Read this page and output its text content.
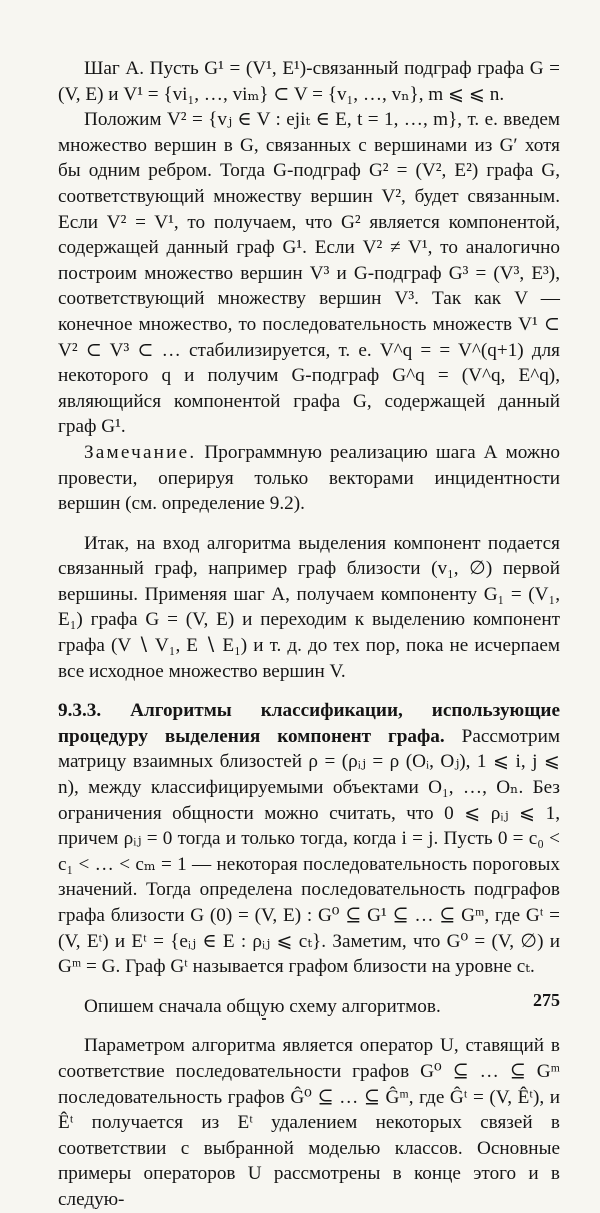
Шаг А. Пусть G¹ = (V¹, E¹)-связанный подграф графа G = (V, E) и V¹ = {vi₁, …, viₘ} ⊂ V = {v₁, …, vₙ}, m ⩽ ⩽ n.

Положим V² = {vⱼ ∈ V : ejiₜ ∈ E, t = 1, …, m}, т. е. введем множество вершин в G, связанных с вершинами из G′ хотя бы одним ребром. Тогда G-подграф G² = (V², E²) графа G, соответствующий множеству вершин V², будет связанным. Если V² = V¹, то получаем, что G² является компонентой, содержащей данный граф G¹. Если V² ≠ V¹, то аналогично построим множество вершин V³ и G-подграф G³ = (V³, E³), соответствующий множеству вершин V³. Так как V — конечное множество, то последовательность множеств V¹ ⊂ V² ⊂ V³ ⊂ … стабилизируется, т. е. V^q = = V^(q+1) для некоторого q и получим G-подграф G^q = (V^q, E^q), являющийся компонентой графа G, содержащей данный граф G¹.

Замечание. Программную реализацию шага А можно провести, оперируя только векторами инцидентности вершин (см. определение 9.2).

Итак, на вход алгоритма выделения компонент подается связанный граф, например граф близости (v₁, ∅) первой вершины. Применяя шаг А, получаем компоненту G₁ = (V₁, E₁) графа G = (V, E) и переходим к выделению компонент графа (V ∖ V₁, E ∖ E₁) и т. д. до тех пор, пока не исчерпаем все исходное множество вершин V.

9.3.3. Алгоритмы классификации, использующие процедуру выделения компонент графа. Рассмотрим матрицу взаимных близостей ρ = (ρᵢⱼ = ρ (Oᵢ, Oⱼ), 1 ⩽ i, j ⩽ n), между классифицируемыми объектами O₁, …, Oₙ. Без ограничения общности можно считать, что 0 ⩽ ρᵢⱼ ⩽ 1, причем ρᵢⱼ = 0 тогда и только тогда, когда i = j. Пусть 0 = c₀ < c₁ < … < cₘ = 1 — некоторая последовательность пороговых значений. Тогда определена последовательность подграфов графа близости G (0) = (V, E) : G⁰ ⊆ G¹ ⊆ … ⊆ Gᵐ, где Gᵗ = (V, Eᵗ) и Eᵗ = {eᵢⱼ ∈ E : ρᵢⱼ ⩽ cₜ}. Заметим, что G⁰ = (V, ∅) и Gᵐ = G. Граф Gᵗ называется графом близости на уровне cₜ.

Опишем сначала общую схему алгоритмов.

Параметром алгоритма является оператор U, ставящий в соответствие последовательности графов G⁰ ⊆ … ⊆ Gᵐ последовательность графов Ĝ⁰ ⊆ … ⊆ Ĝᵐ, где Ĝᵗ = (V, Êᵗ), и Êᵗ получается из Eᵗ удалением некоторых связей в соответствии с выбранной моделью классов. Основные примеры операторов U рассмотрены в конце этого и в следую-

275
